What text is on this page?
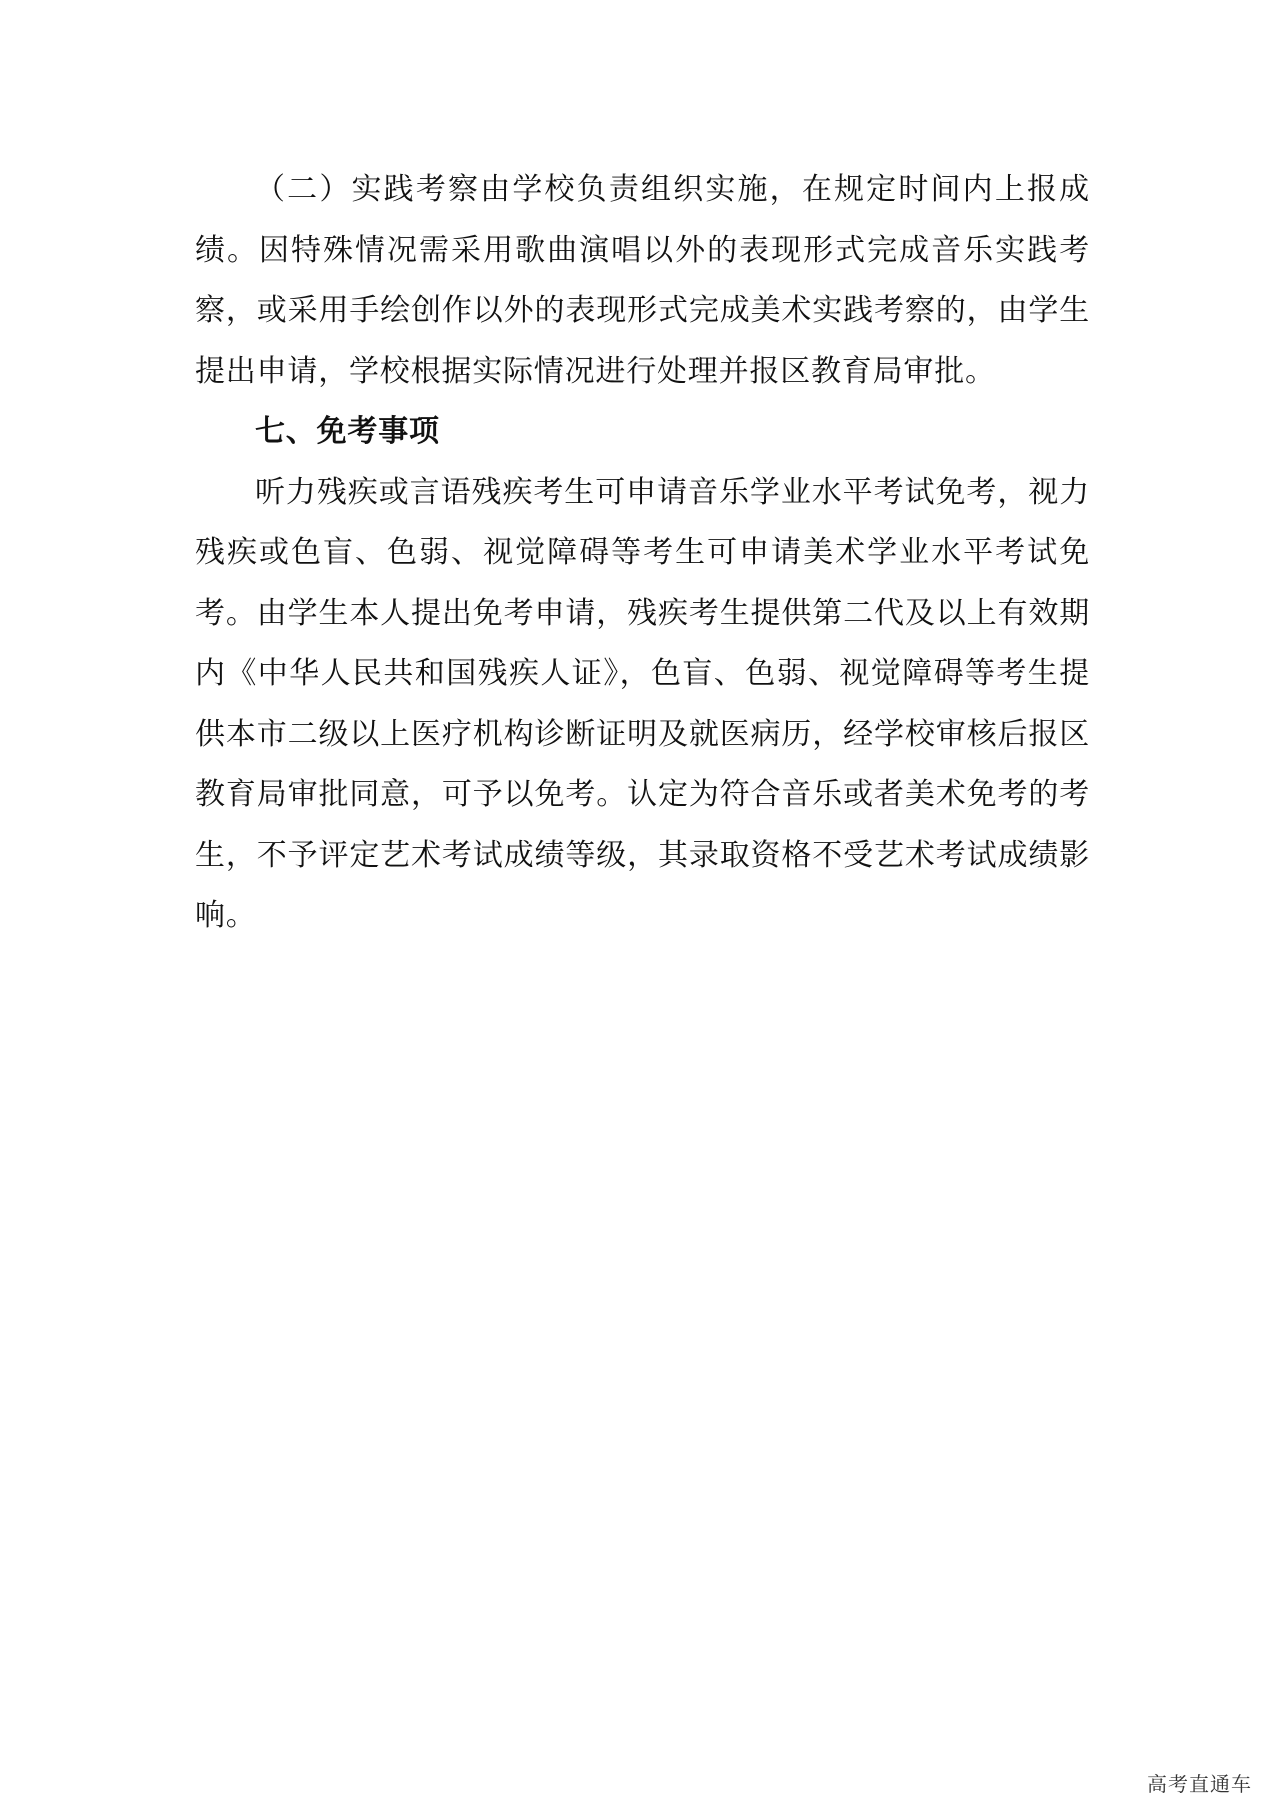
（二）实践考察由学校负责组织实施，在规定时间内上报成绩。因特殊情况需采用歌曲演唱以外的表现形式完成音乐实践考察，或采用手绘创作以外的表现形式完成美术实践考察的，由学生提出申请，学校根据实际情况进行处理并报区教育局审批。

七、免考事项

听力残疾或言语残疾考生可申请音乐学业水平考试免考，视力残疾或色盲、色弱、视觉障碍等考生可申请美术学业水平考试免考。由学生本人提出免考申请，残疾考生提供第二代及以上有效期内《中华人民共和国残疾人证》，色盲、色弱、视觉障碍等考生提供本市二级以上医疗机构诊断证明及就医病历，经学校审核后报区教育局审批同意，可予以免考。认定为符合音乐或者美术免考的考生，不予评定艺术考试成绩等级，其录取资格不受艺术考试成绩影响。

高考直通车
